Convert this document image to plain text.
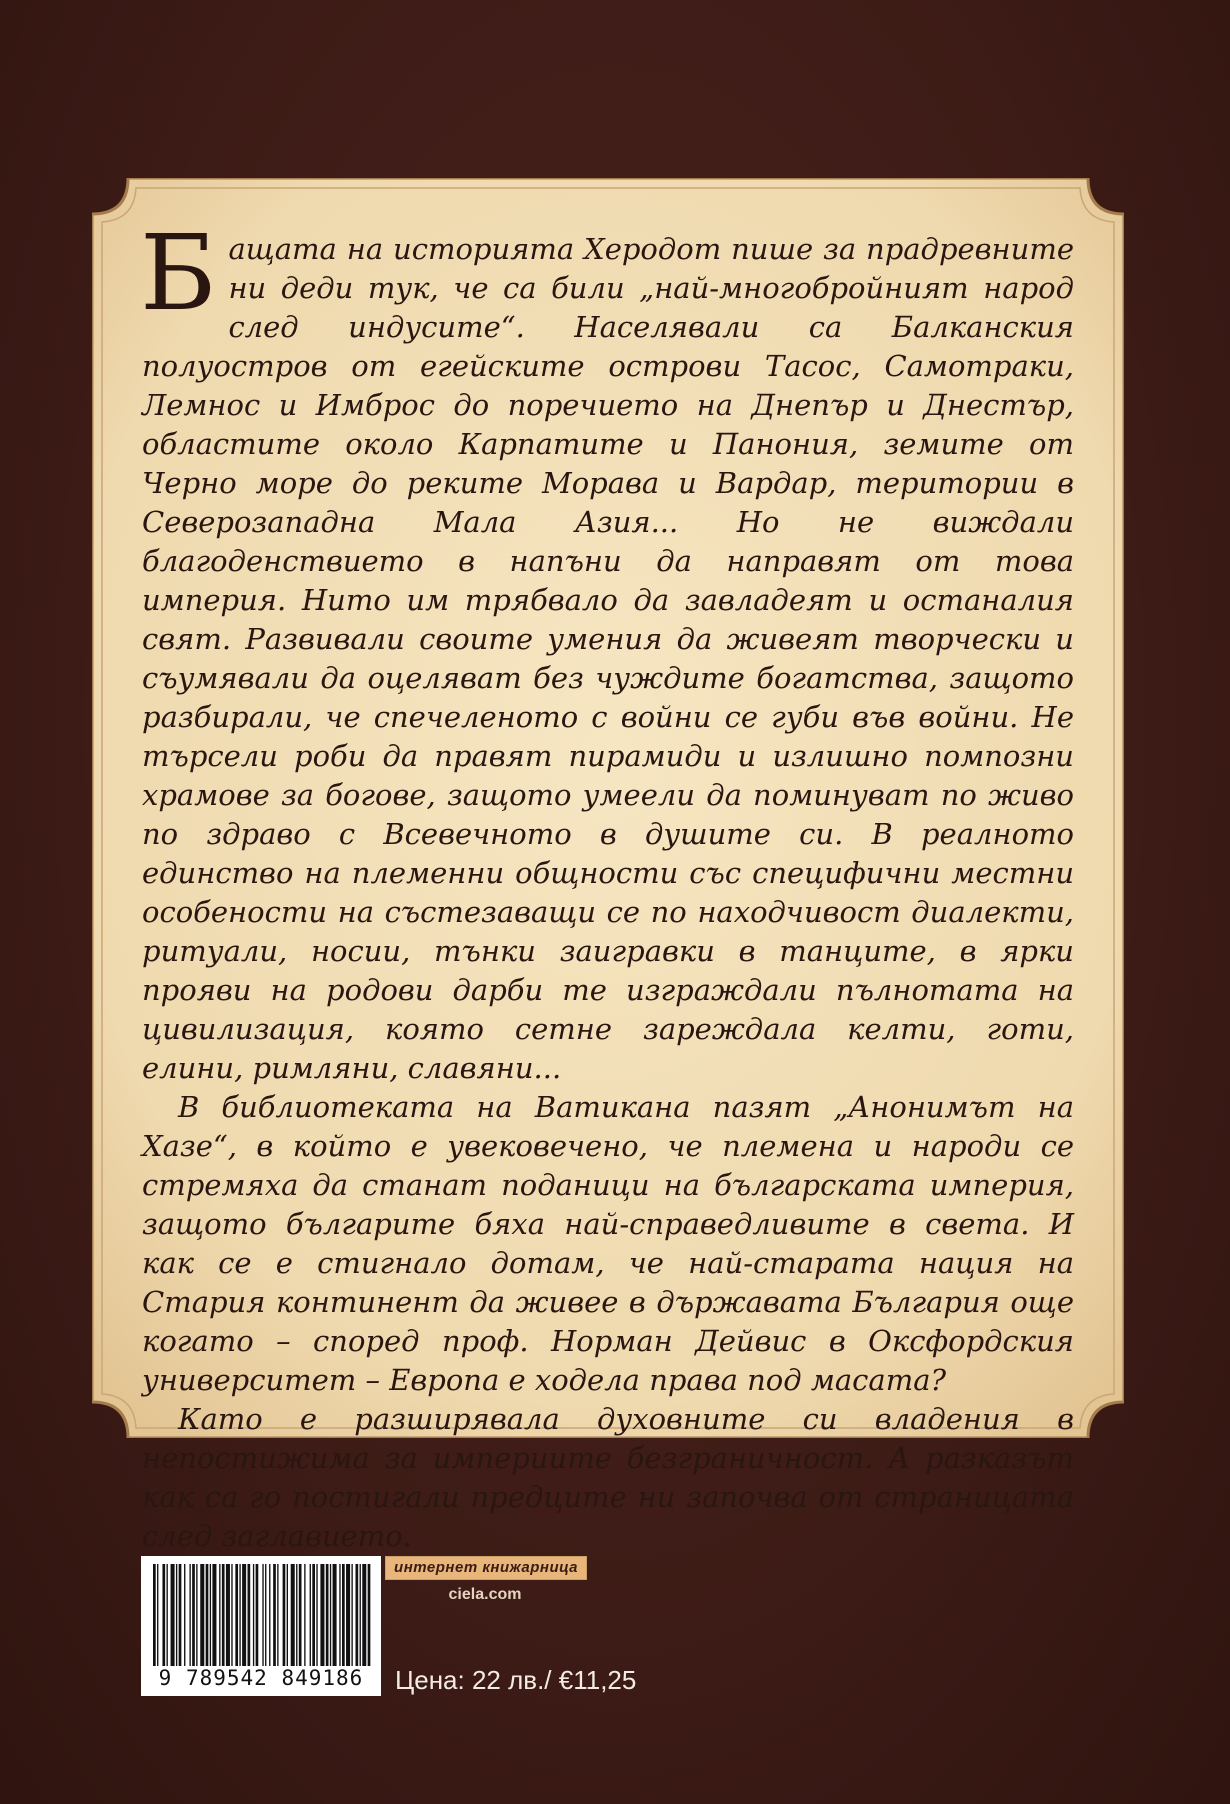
Бащата на историята Херодот пише за прадревните ни деди тук, че са били „най-многобройният народ след индусите“. Населявали са Балканския полуостров от егейските острови Тасос, Самотраки, Лемнос и Имброс до поречието на Днепър и Днестър, областите около Карпатите и Панония, земите от Черно море до реките Морава и Вардар, територии в Северозападна Мала Азия... Но не виждали благоденствието в напъни да направят от това империя. Нито им трябвало да завладеят и останалия свят. Развивали своите умения да живеят творчески и съумявали да оцеляват без чуждите богатства, защото разбирали, че спечеленото с войни се губи във войни. Не търсели роби да правят пирамиди и излишно помпозни храмове за богове, защото умеели да поминуват по живо по здраво с Всевечното в душите си. В реалното единство на племенни общности със специфични местни особености на състезаващи се по находчивост диалекти, ритуали, носии, тънки заигравки в танците, в ярки прояви на родови дарби те изграждали пълнотата на цивилизация, която сетне зареждала келти, готи, елини, римляни, славяни...

В библиотеката на Ватикана пазят „Анонимът на Хазе“, в който е увековечено, че племена и народи се стремяха да станат поданици на българската империя, защото българите бяха най-справедливите в света. И как се е стигнало дотам, че най-старата нация на Стария континент да живее в държавата България още когато – според проф. Норман Дейвис в Оксфордския университет – Европа е ходела права под масата?

Като е разширявала духовните си владения в непостижима за империите безграничност. А разказът как са го постигали предците ни започва от страницата след заглавието.

9 789542 849186
интернет книжарница
ciela.com
Цена: 22 лв./ €11,25
